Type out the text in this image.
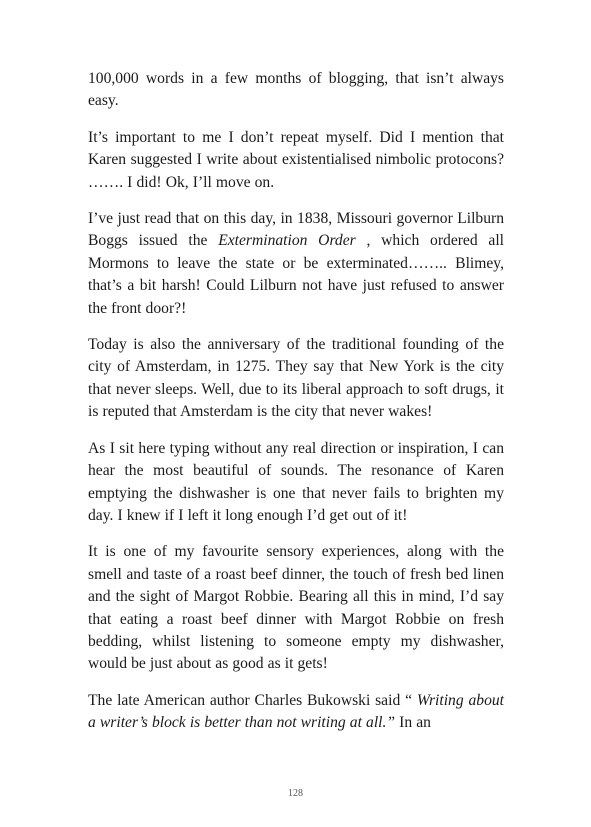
100,000 words in a few months of blogging, that isn’t always easy.

It’s important to me I don’t repeat myself. Did I mention that Karen suggested I write about existentialised nimbolic protocons? ……. I did! Ok, I’ll move on.

I’ve just read that on this day, in 1838, Missouri governor Lilburn Boggs issued the Extermination Order , which ordered all Mormons to leave the state or be exterminated…….. Blimey, that’s a bit harsh! Could Lilburn not have just refused to answer the front door?!

Today is also the anniversary of the traditional founding of the city of Amsterdam, in 1275. They say that New York is the city that never sleeps. Well, due to its liberal approach to soft drugs, it is reputed that Amsterdam is the city that never wakes!

As I sit here typing without any real direction or inspiration, I can hear the most beautiful of sounds. The resonance of Karen emptying the dishwasher is one that never fails to brighten my day. I knew if I left it long enough I’d get out of it!

It is one of my favourite sensory experiences, along with the smell and taste of a roast beef dinner, the touch of fresh bed linen and the sight of Margot Robbie. Bearing all this in mind, I’d say that eating a roast beef dinner with Margot Robbie on fresh bedding, whilst listening to someone empty my dishwasher, would be just about as good as it gets!

The late American author Charles Bukowski said “ Writing about a writer’s block is better than not writing at all.” In an

128
